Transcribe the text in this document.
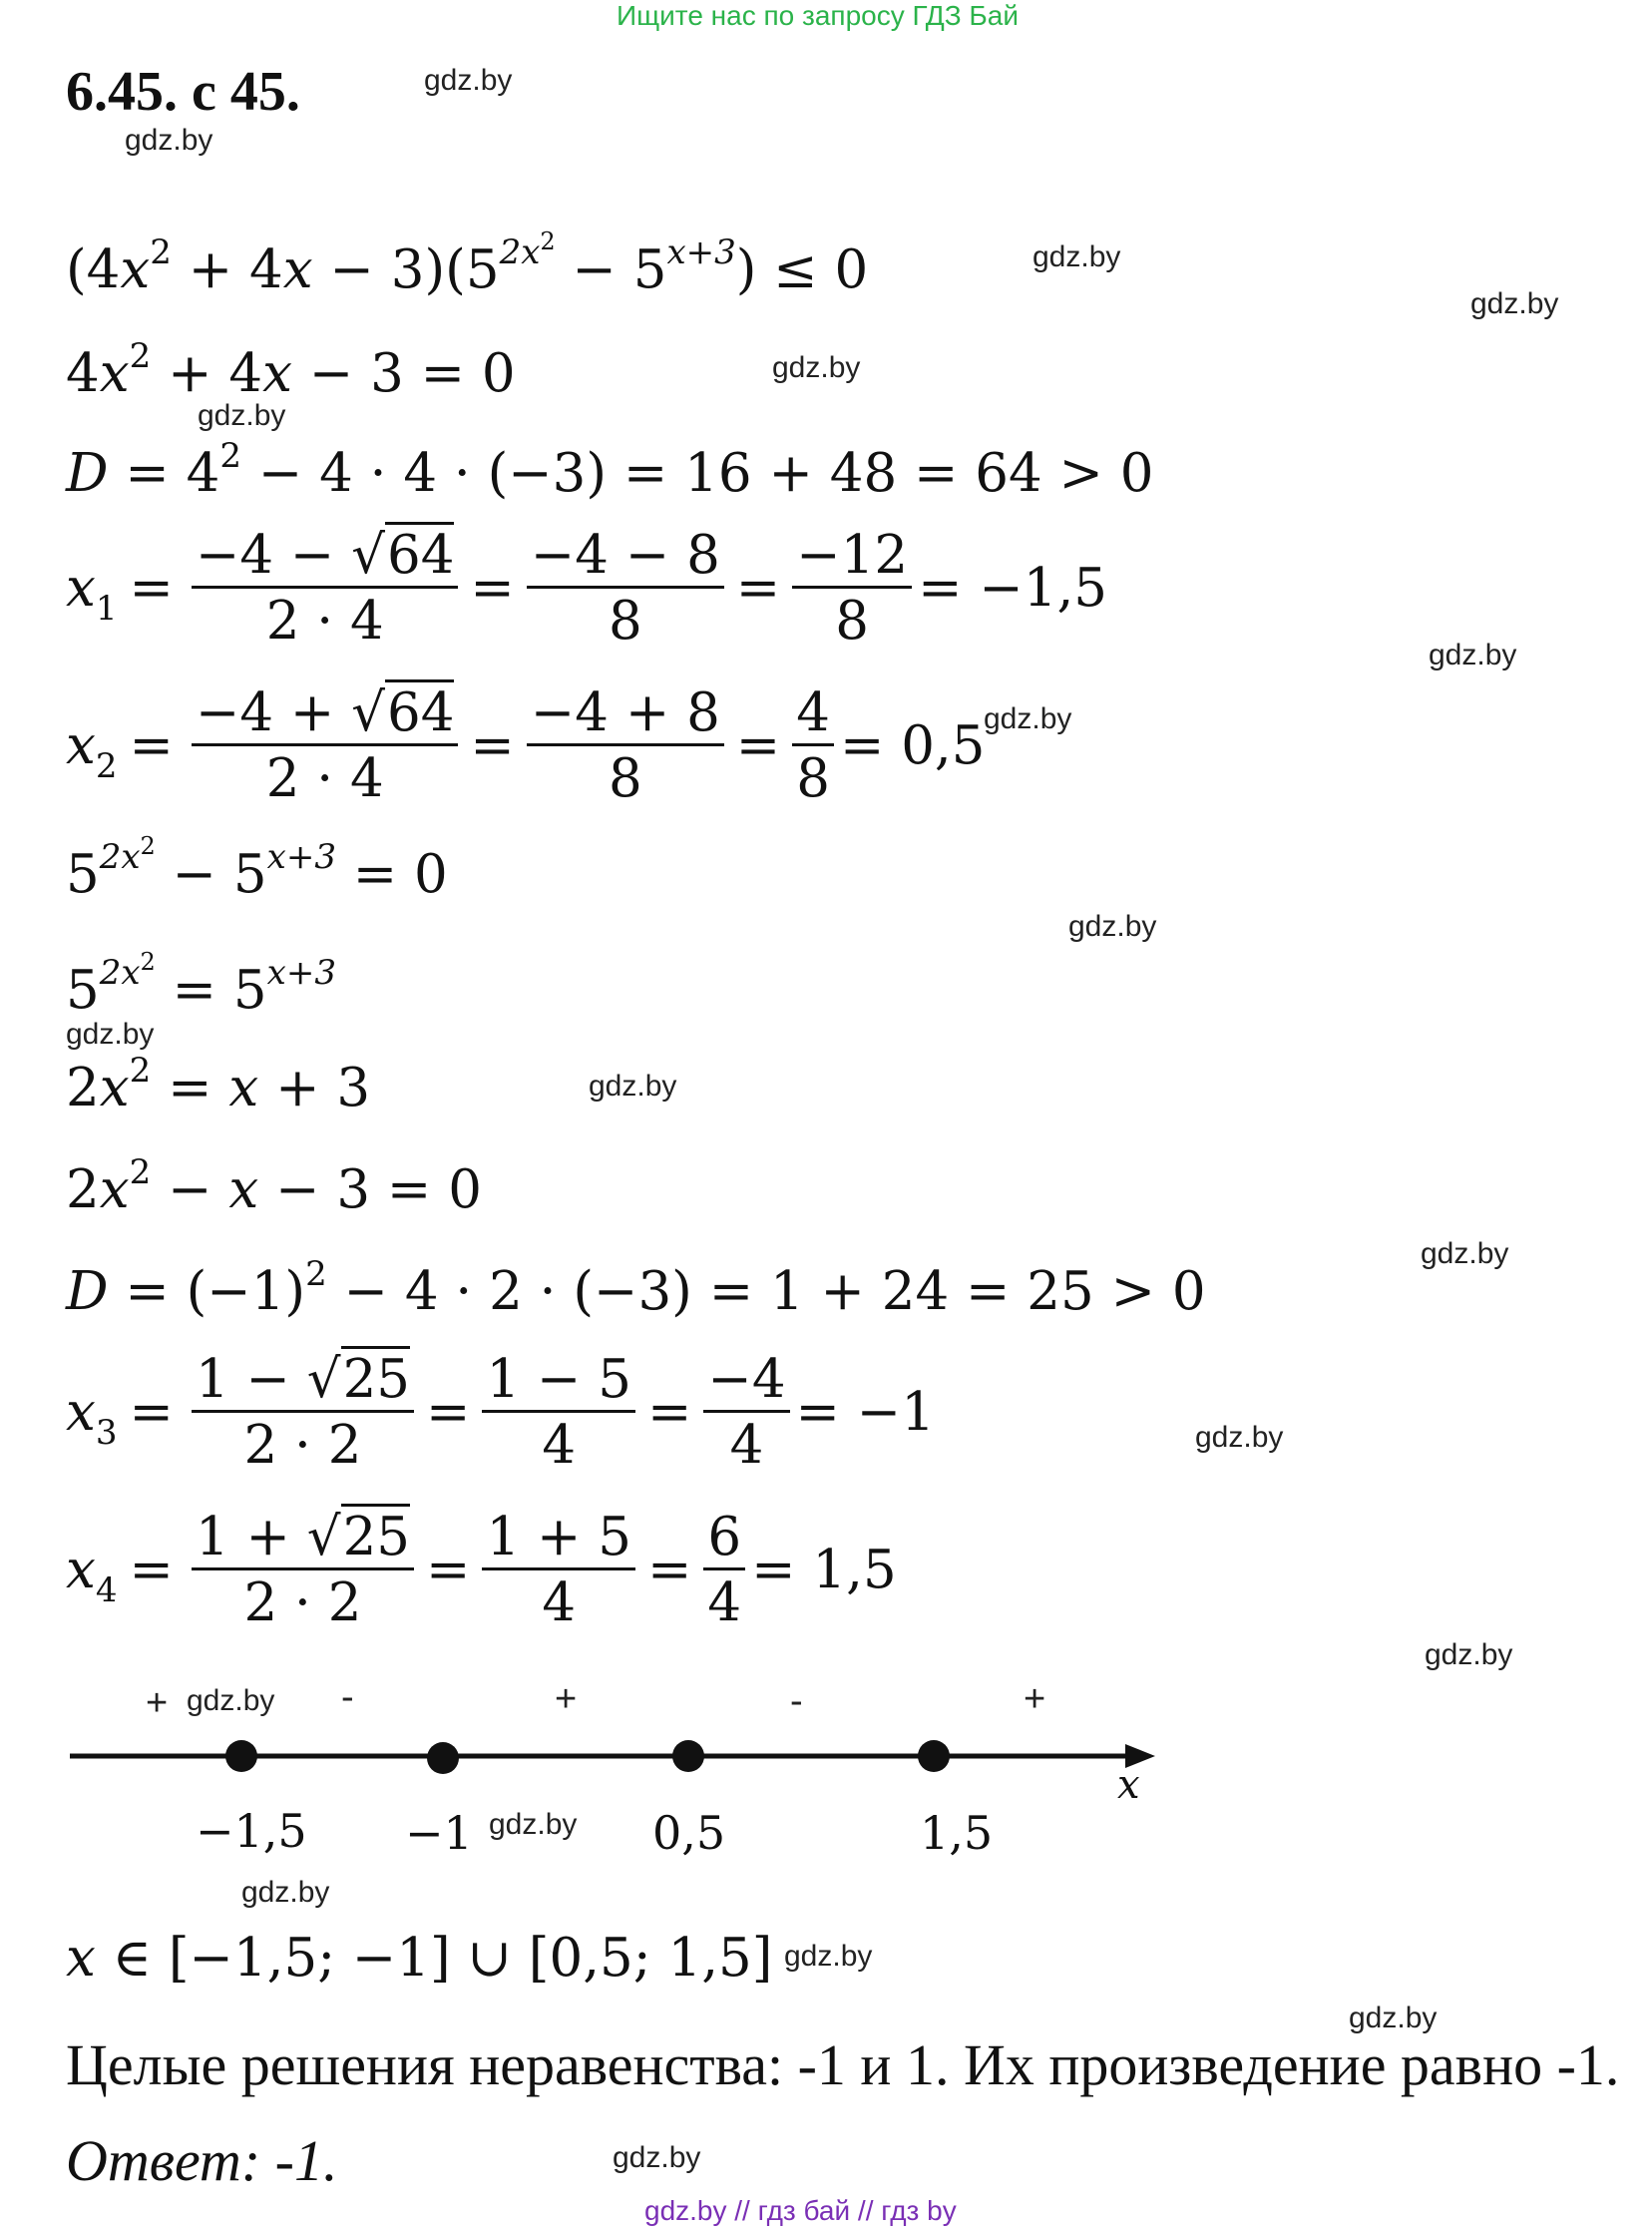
Ищите нас по запросу ГДЗ Бай
6.45. с 45.	gdz.by
gdz.by
gdz.by
gdz.by
gdz.by
gdz.by
gdz.by
gdz.by
gdz.by
gdz.by
gdz.by
gdz.by
gdz.by
gdz.by
gdz.by
gdz.by
gdz.by
gdz.by
gdz.by
gdz.by
$(4x^2 + 4x - 3)(5^{2x^2} - 5^{x+3}) \le 0$
$4x^2 + 4x - 3 = 0$
$D = 4^2 - 4 \cdot 4 \cdot (-3) = 16 + 48 = 64 > 0$
$x_1 = \frac{-4 - √64}{2 \cdot 4} = \frac{-4 - 8}{8} = \frac{-12}{8} = -1,5$
$x_2 = \frac{-4 + √64}{2 \cdot 4} = \frac{-4 + 8}{8} = \frac{4}{8} = 0,5$
$5^{2x^2} - 5^{x+3} = 0$
$5^{2x^2} = 5^{x+3}$
$2x^2 = x + 3$
$2x^2 - x - 3 = 0$
$D = (-1)^2 - 4 \cdot 2 \cdot (-3) = 1 + 24 = 25 > 0$
$x_3 = \frac{1 - √25}{2 \cdot 2} = \frac{1 - 5}{4} = \frac{-4}{4} = -1$
$x_4 = \frac{1 + √25}{2 \cdot 2} = \frac{1 + 5}{4} = \frac{6}{4} = 1,5$
x
+	-	+	-	+
−1,5 −1	0,5	1,5
x ∈ [−1,5; −1] ∪ [0,5; 1,5]
Целые решения неравенства: -1 и 1. Их произведение равно -1.
Ответ: -1.
gdz.by // гдз бай // гдз by
